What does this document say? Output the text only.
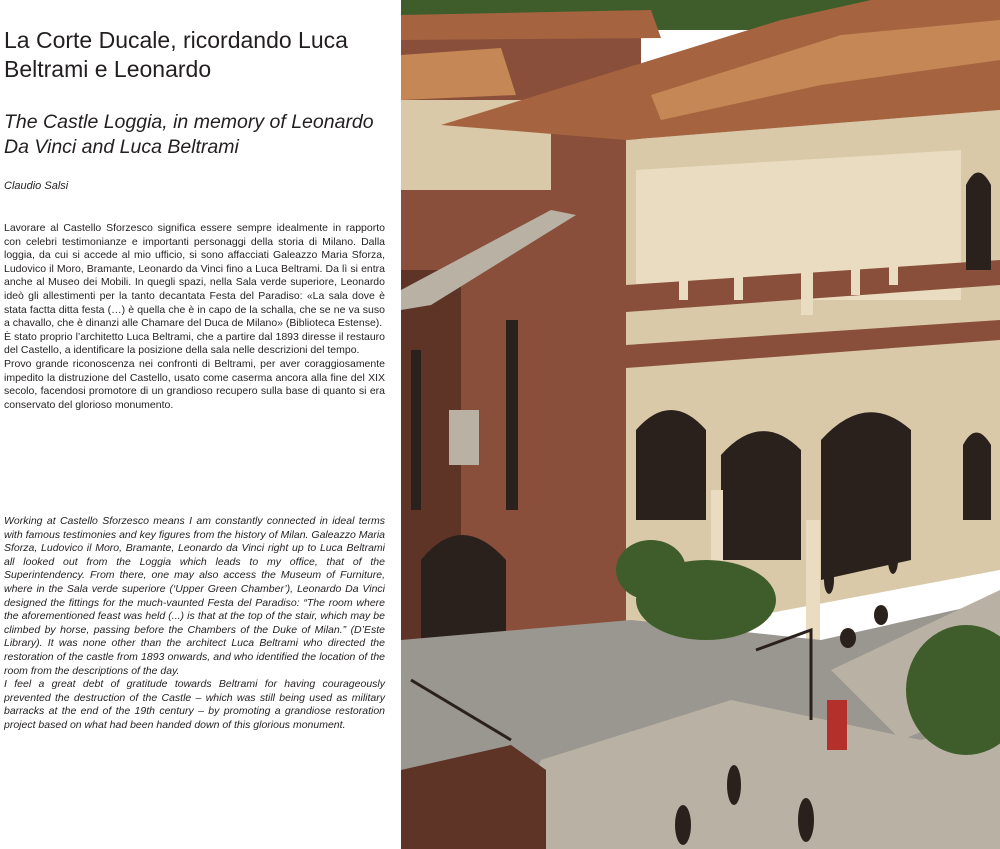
La Corte Ducale, ricordando Luca Beltrami e Leonardo
The Castle Loggia, in memory of Leonardo Da Vinci and Luca Beltrami

Claudio Salsi

Lavorare al Castello Sforzesco significa essere sempre idealmente in rapporto con celebri testimonianze e importanti personaggi della storia di Milano. Dalla loggia, da cui si accede al mio ufficio, si sono affacciati Galeazzo Maria Sforza, Ludovico il Moro, Bramante, Leonardo da Vinci fino a Luca Beltrami. Da lì si entra anche al Museo dei Mobili. In quegli spazi, nella Sala verde superiore, Leonardo ideò gli allestimenti per la tanto decantata Festa del Paradiso: «La sala dove è stata factta ditta festa (…) è quella che è in capo de la schalla, che se ne va suso a chavallo, che è dinanzi alle Chamare del Duca de Milano» (Biblioteca Estense).

È stato proprio l’architetto Luca Beltrami, che a partire dal 1893 diresse il restauro del Castello, a identificare la posizione della sala nelle descrizioni del tempo.

Provo grande riconoscenza nei confronti di Beltrami, per aver coraggiosamente impedito la distruzione del Castello, usato come caserma ancora alla fine del XIX secolo, facendosi promotore di un grandioso recupero sulla base di quanto si era conservato del glorioso monumento.

Working at Castello Sforzesco means I am constantly connected in ideal terms with famous testimonies and key figures from the history of Milan. Galeazzo Maria Sforza, Ludovico il Moro, Bramante, Leonardo da Vinci right up to Luca Beltrami all looked out from the Loggia which leads to my office, that of the Superintendency. From there, one may also access the Museum of Furniture, where in the Sala verde superiore (‘Upper Green Chamber’), Leonardo Da Vinci designed the fittings for the much-vaunted Festa del Paradiso: “The room where the aforementioned feast was held (...) is that at the top of the stair, which may be climbed by horse, passing before the Chambers of the Duke of Milan.” (D’Este Library). It was none other than the architect Luca Beltrami who directed the restoration of the castle from 1893 onwards, and who identified the location of the room from the descriptions of the day.

I feel a great debt of gratitude towards Beltrami for having courageously prevented the destruction of the Castle – which was still being used as military barracks at the end of the 19th century – by promoting a grandiose restoration project based on what had been handed down of this glorious monument.
